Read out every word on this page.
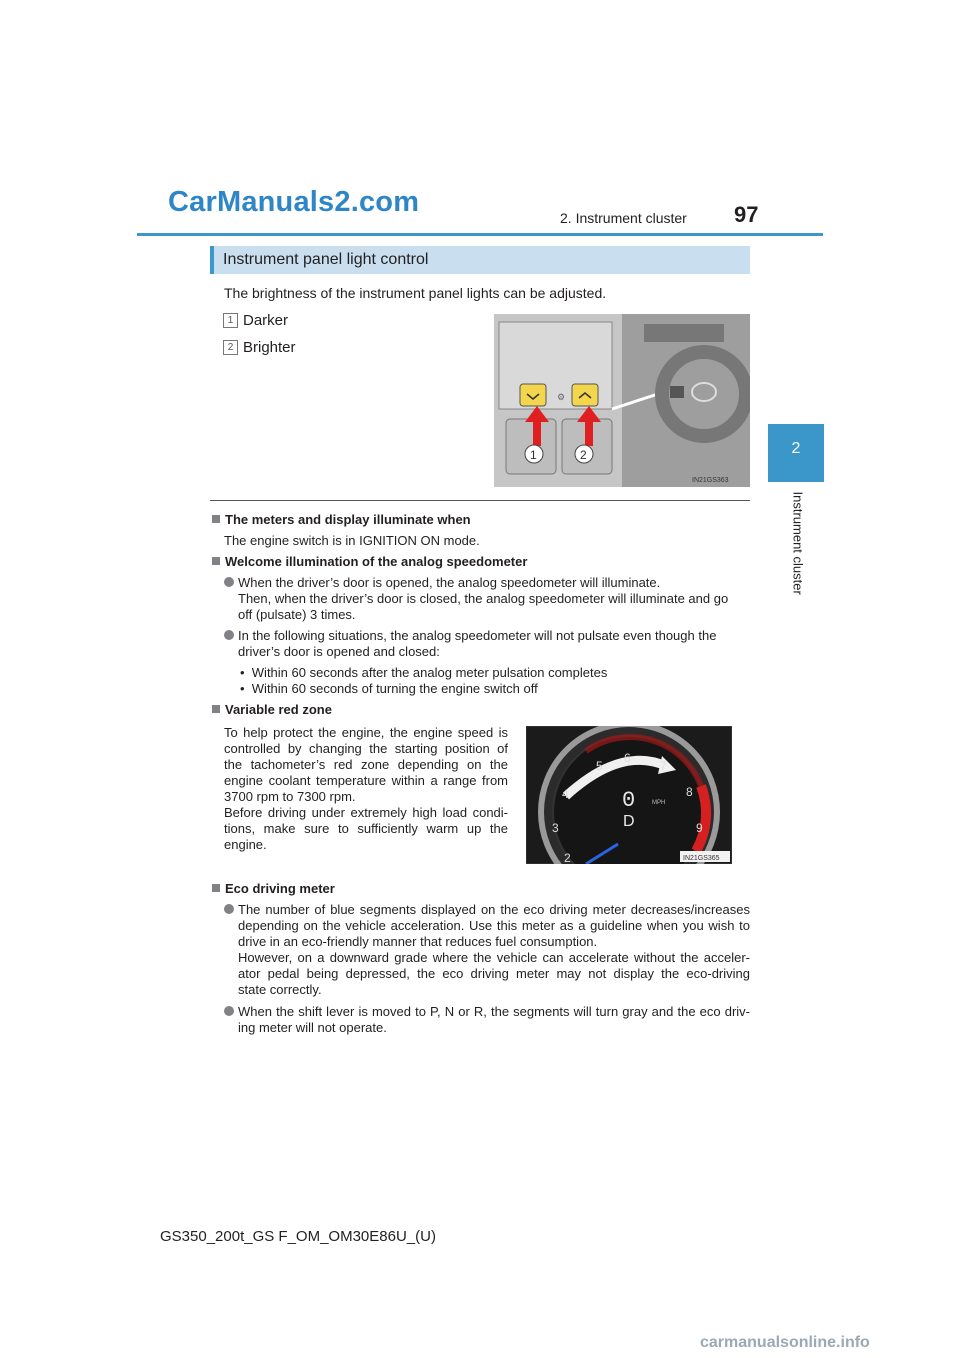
CarManuals2.com	2. Instrument cluster 97
2
Instrument cluster
Instrument panel light control
The brightness of the instrument panel lights can be adjusted.
1 Darker
2 Brighter
⚙
1	2
IN21GS363
The meters and display illuminate when
The engine switch is in IGNITION ON mode.
Welcome illumination of the analog speedometer
When the driver’s door is opened, the analog speedometer will illuminate.
Then, when the driver’s door is closed, the analog speedometer will illuminate and go
off (pulsate) 3 times.
In the following situations, the analog speedometer will not pulsate even though the
driver’s door is opened and closed:
•  Within 60 seconds after the analog meter pulsation completes
•  Within 60 seconds of turning the engine switch off
Variable red zone
To help protect the engine, the engine speed is
controlled by changing the starting position of
the tachometer’s red zone depending on the
engine coolant temperature within a range from
3700 rpm to 7300 rpm.
Before driving under extremely high load condi-
tions, make sure to sufficiently warm up the
engine.
2
3
4
5
6
7
8
9
0	MPH
D
IN21GS365
Eco driving meter
The number of blue segments displayed on the eco driving meter decreases/increases
depending on the vehicle acceleration. Use this meter as a guideline when you wish to
drive in an eco-friendly manner that reduces fuel consumption.
However, on a downward grade where the vehicle can accelerate without the acceler-
ator pedal being depressed, the eco driving meter may not display the eco-driving
state correctly.
When the shift lever is moved to P, N or R, the segments will turn gray and the eco driv-
ing meter will not operate.
GS350_200t_GS F_OM_OM30E86U_(U)
carmanualsonline.info
